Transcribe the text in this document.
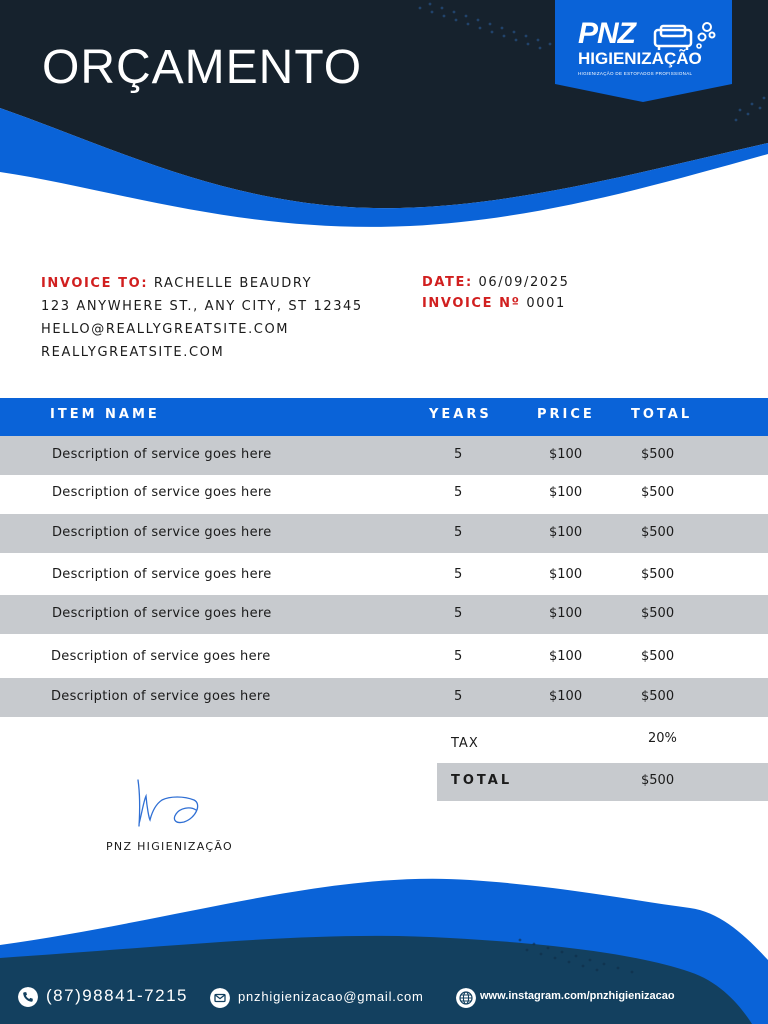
ORÇAMENTO
PNZ
HIGIENIZAÇÃO
HIGIENIZAÇÃO DE ESTOFADOS PROFISSIONAL
INVOICE TO: RACHELLE BEAUDRY
123 ANYWHERE ST., ANY CITY, ST 12345
HELLO@REALLYGREATSITE.COM
REALLYGREATSITE.COM
DATE: 06/09/2025
INVOICE Nº 0001
ITEM NAME	YEARS	PRICE	TOTAL
Description of service goes here	5	$100	$500
Description of service goes here	5	$100	$500
Description of service goes here	5	$100	$500
Description of service goes here	5	$100	$500
Description of service goes here	5	$100	$500
Description of service goes here	5	$100	$500
Description of service goes here	5	$100	$500
TAX	20%
TOTAL	$500
PNZ HIGIENIZAÇÃO
(87)98841-7215	pnzhigienizacao@gmail.com	www.instagram.com/pnzhigienizacao
